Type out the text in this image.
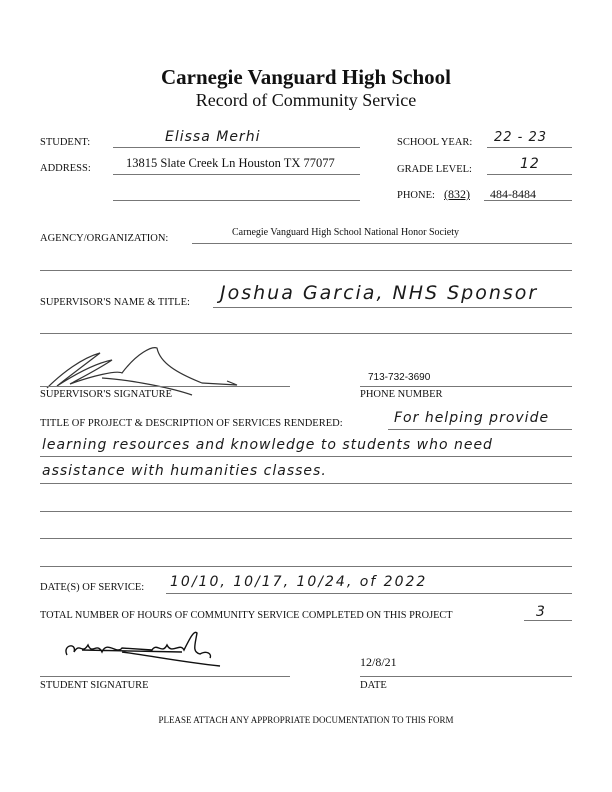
Carnegie Vanguard High School
Record of Community Service
STUDENT:	Elissa Merhi	SCHOOL YEAR: 22 - 23
ADDRESS:	13815 Slate Creek Ln Houston TX 77077	GRADE LEVEL:	12
PHONE: (832) 484-8484
AGENCY/ORGANIZATION:
Carnegie Vanguard High School National Honor Society
SUPERVISOR'S NAME & TITLE: Joshua Garcia, NHS Sponsor
SUPERVISOR'S SIGNATURE
713-732-3690
PHONE NUMBER
TITLE OF PROJECT & DESCRIPTION OF SERVICES RENDERED:	For helping provide
learning resources and knowledge to students who need
assistance with humanities classes.
DATE(S) OF SERVICE: 10/10, 10/17, 10/24, of 2022
TOTAL NUMBER OF HOURS OF COMMUNITY SERVICE COMPLETED ON THIS PROJECT	3
STUDENT SIGNATURE
12/8/21
DATE
PLEASE ATTACH ANY APPROPRIATE DOCUMENTATION TO THIS FORM
